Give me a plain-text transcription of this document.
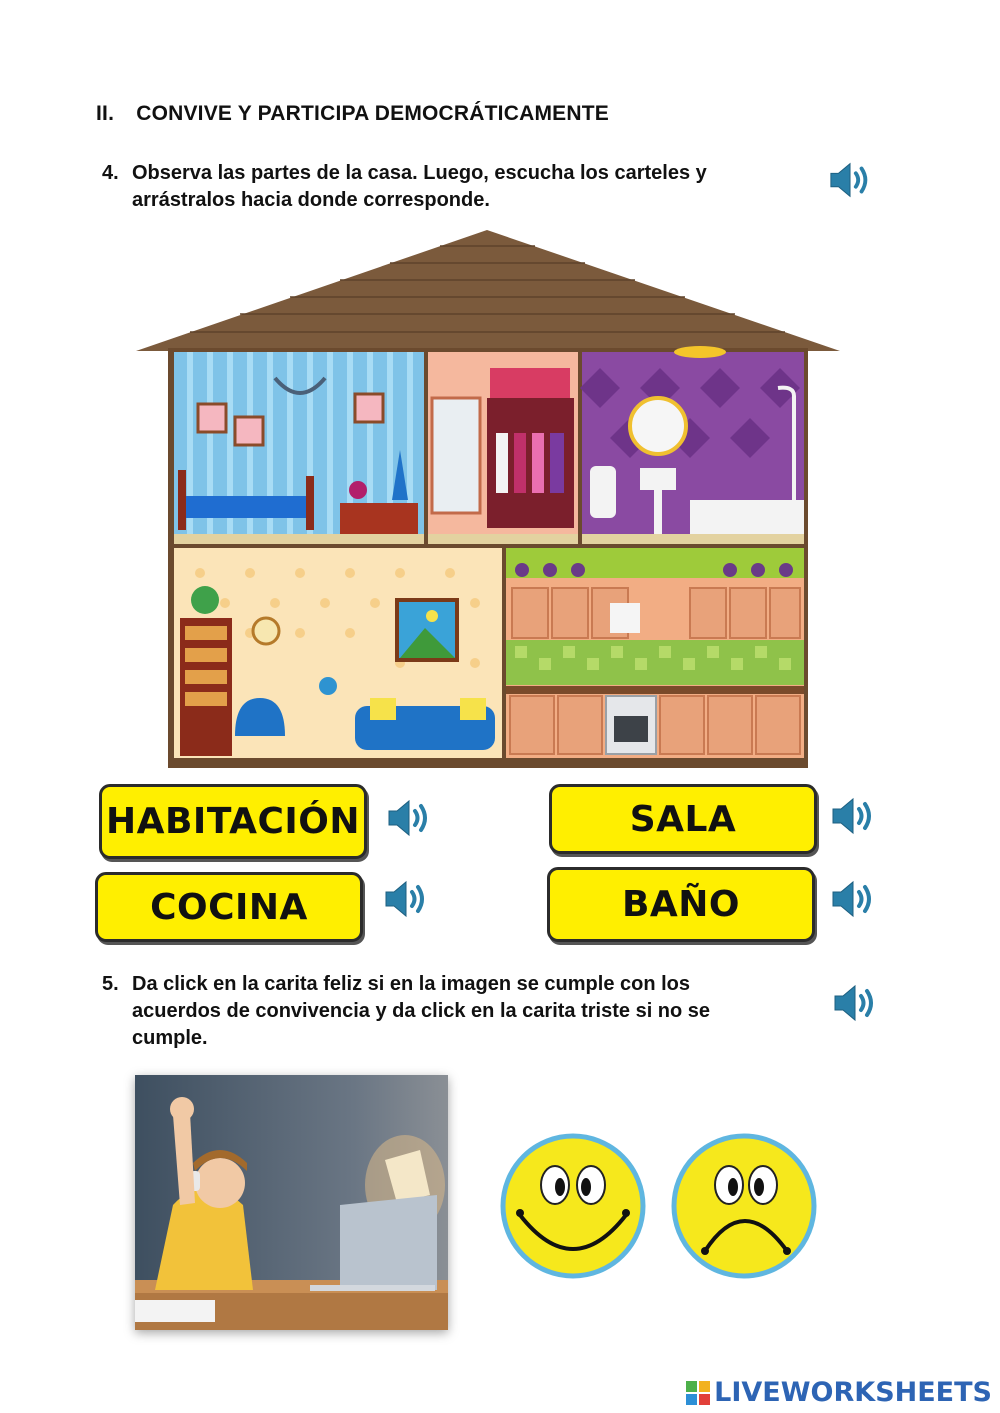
II. CONVIVE Y PARTICIPA DEMOCRÁTICAMENTE
4. Observa las partes de la casa. Luego, escucha los carteles y
arrástralos hacia donde corresponde.
HABITACIÓN	SALA
COCINA	BAÑO
5. Da click en la carita feliz si en la imagen se cumple con los
acuerdos de convivencia y da click en la carita triste si no se
cumple.
LIVEWORKSHEETS
